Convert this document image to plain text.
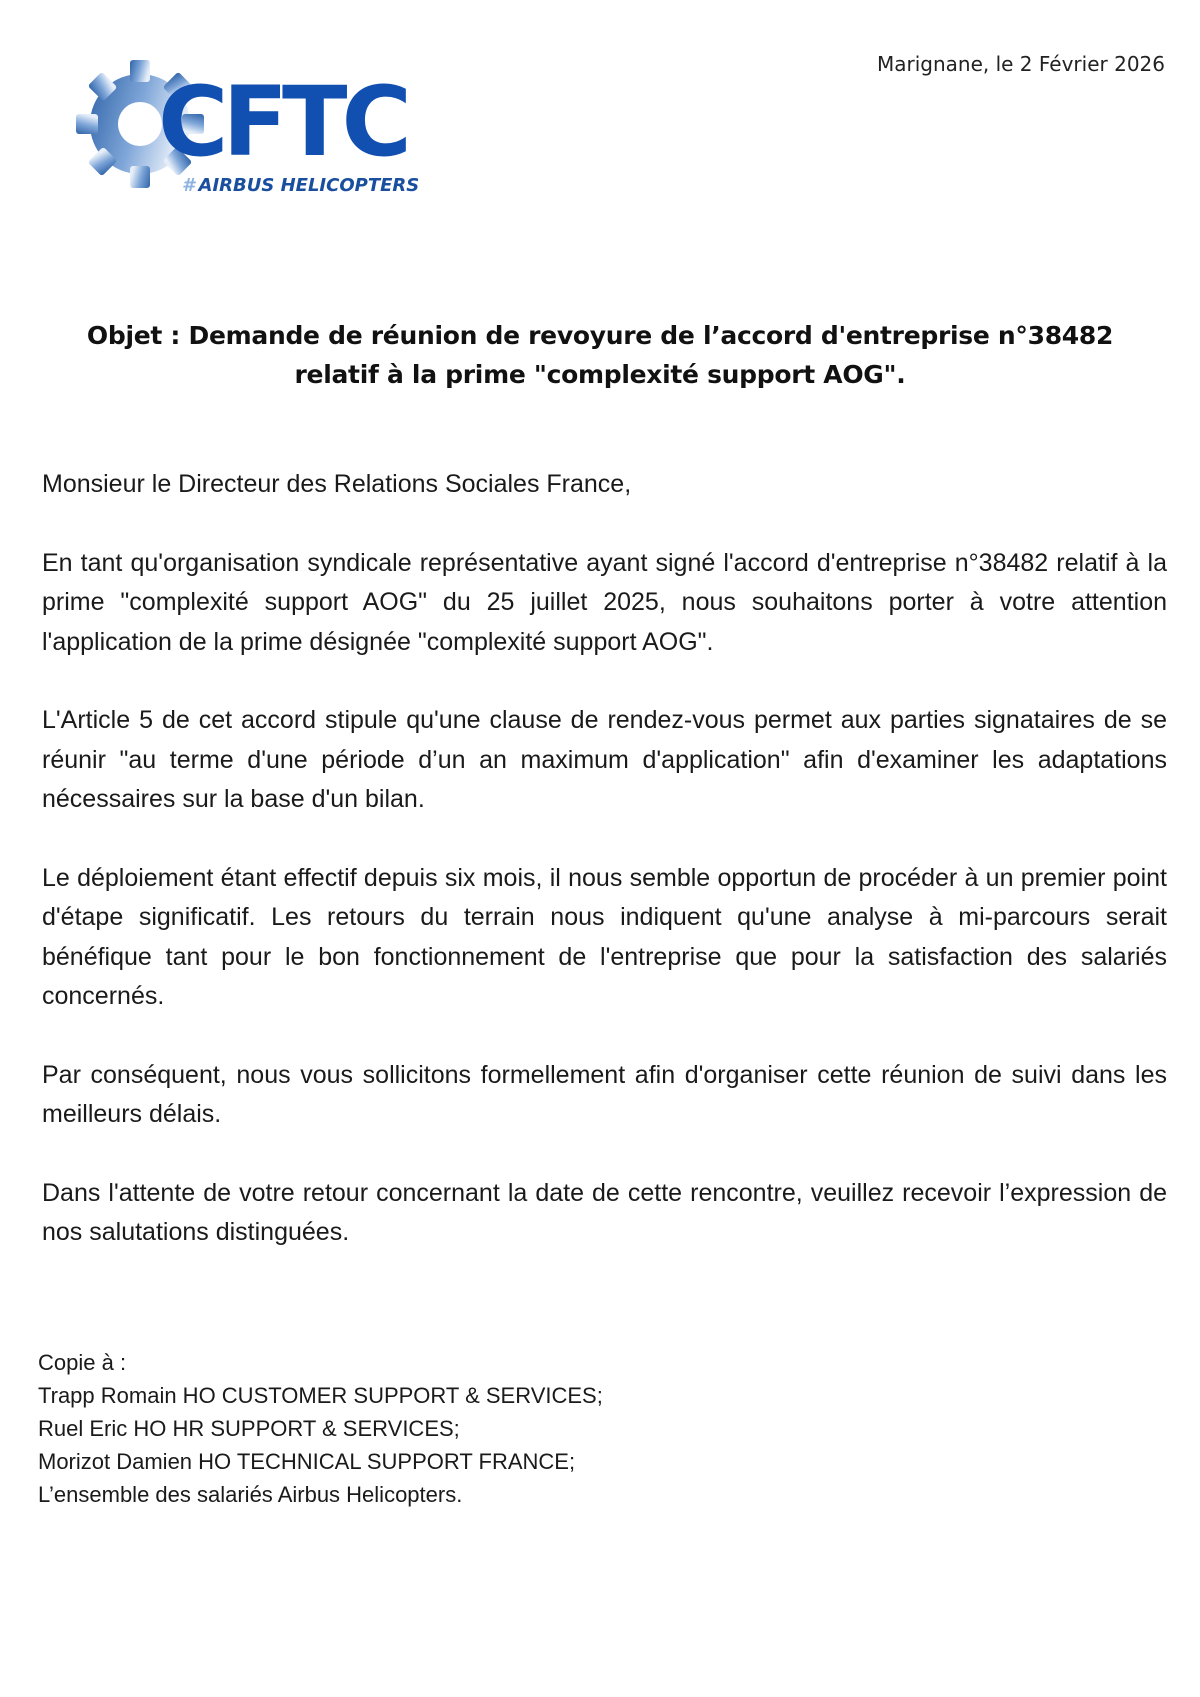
CFTC
# AIRBUS HELICOPTERS
Marignane, le 2 Février 2026
Objet : Demande de réunion de revoyure de l’accord d'entreprise n°38482
relatif à la prime "complexité support AOG".

Monsieur le Directeur des Relations Sociales France,

En tant qu'organisation syndicale représentative ayant signé l'accord d'entreprise n°38482 relatif à la prime "complexité support AOG" du 25 juillet 2025, nous souhaitons porter à votre attention l'application de la prime désignée "complexité support AOG".

L'Article 5 de cet accord stipule qu'une clause de rendez-vous permet aux parties signataires de se réunir "au terme d'une période d’un an maximum d'application" afin d'examiner les adaptations nécessaires sur la base d'un bilan.

Le déploiement étant effectif depuis six mois, il nous semble opportun de procéder à un premier point d'étape significatif. Les retours du terrain nous indiquent qu'une analyse à mi-parcours serait bénéfique tant pour le bon fonctionnement de l'entreprise que pour la satisfaction des salariés concernés.

Par conséquent, nous vous sollicitons formellement afin d'organiser cette réunion de suivi dans les meilleurs délais.

Dans l'attente de votre retour concernant la date de cette rencontre, veuillez recevoir l’expression de nos salutations distinguées.

Copie à :
Trapp Romain HO CUSTOMER SUPPORT & SERVICES;
Ruel Eric HO HR SUPPORT & SERVICES;
Morizot Damien HO TECHNICAL SUPPORT FRANCE;
L’ensemble des salariés Airbus Helicopters.
